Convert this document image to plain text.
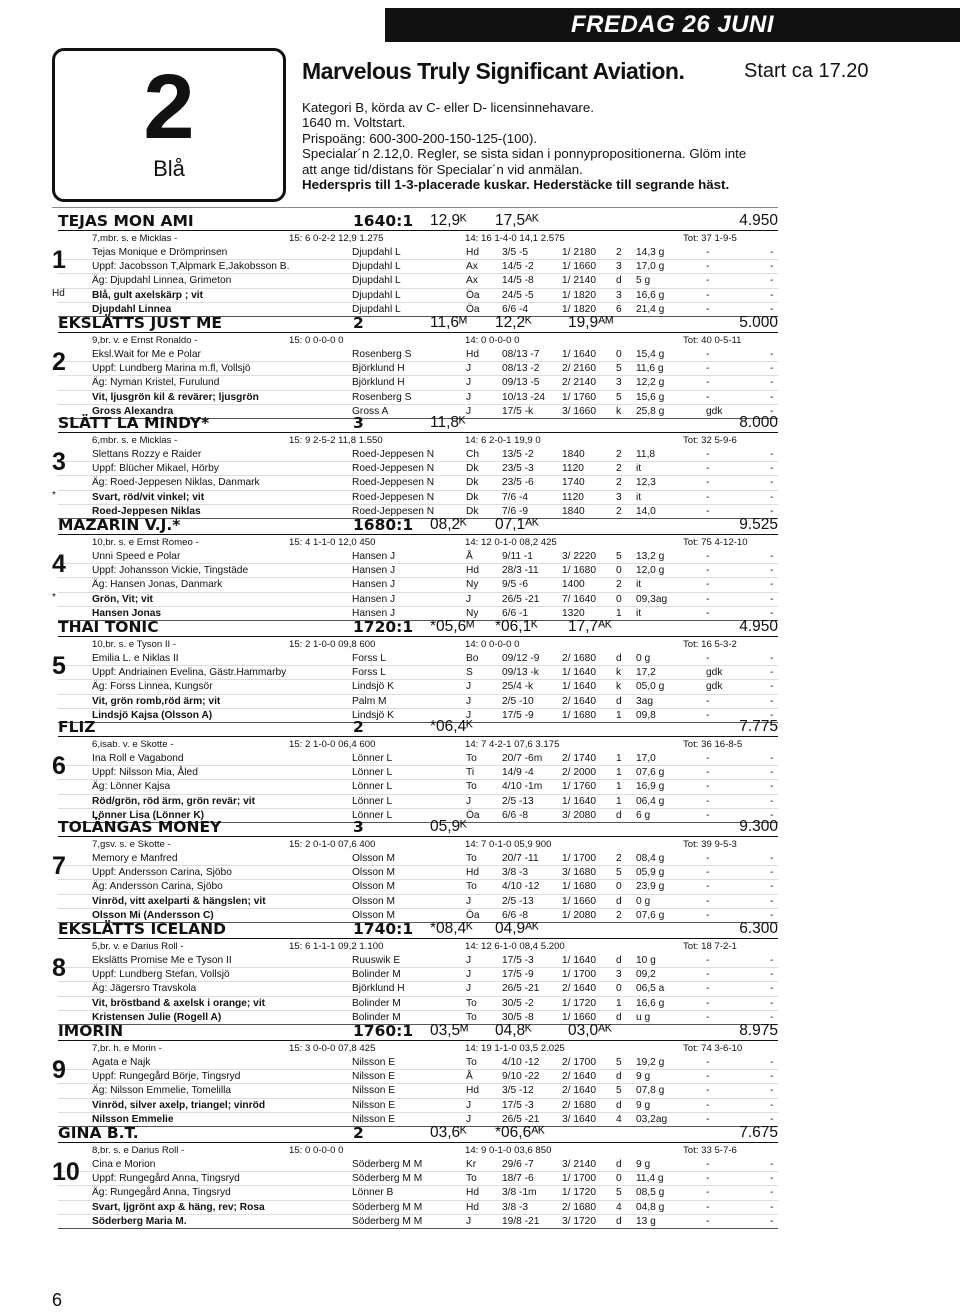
FREDAG 26 JUNI
2
Blå
Marvelous Truly Significant Aviation.	Start ca 17.20
Kategori B, körda av C- eller D- licensinnehavare.
1640 m. Voltstart.
Prispoäng: 600-300-200-150-125-(100).
Specialar´n 2.12,0. Regler, se sista sidan i ponnypropositionerna. Glöm inte
att ange tid/distans för Specialar´n vid anmälan.
Hederspris till 1-3-placerade kuskar. Hederstäcke till segrande häst.
TEJAS MON AMI	1640:1 12,9ᴷ 17,5ᴬᴷ	4.950
7,mbr. s. e Micklas -	15: 6 0-2-2 12,9 1.275	14: 16 1-4-0 14,1 2.575	Tot: 37 1-9-5
Tejas Monique e Drömprinsen	Djupdahl L	Hd 3/5 -5	1/ 2180 2 14,3 g	-	-
Uppf: Jacobsson T,Alpmark E,Jakobsson B.	Djupdahl L	Ax 14/5 -2	1/ 1660 3 17,0 g	-	-
Äg: Djupdahl Linnea, Grimeton	Djupdahl L	Ax 14/5 -8	1/ 2140 d 5 g	-	-
Blå, gult axelskärp ; vit	Djupdahl L	Öa 24/5 -5	1/ 1820 3 16,6 g	-	-
Djupdahl Linnea	Djupdahl L	Öa 6/6 -4	1/ 1820 6 21,4 g	-	-
1
Hd
EKSLÄTTS JUST ME	2	11,6ᴹ 12,2ᴷ 19,9ᴬᴹ	5.000
9,br. v. e Ernst Ronaldo -	15: 0 0-0-0 0	14: 0 0-0-0 0	Tot: 40 0-5-11
Eksl.Wait for Me e Polar	Rosenberg S	Hd 08/13 -7 1/ 1640 0 15,4 g	-	-
Uppf: Lundberg Marina m.fl, Vollsjö	Björklund H	J	08/13 -2 2/ 2160 5 11,6 g	-	-
Äg: Nyman Kristel, Furulund	Björklund H	J	09/13 -5 2/ 2140 3 12,2 g	-	-
Vit, ljusgrön kil & revärer; ljusgrön	Rosenberg S	J	10/13 -24 1/ 1760 5 15,6 g	-	-
Gross Alexandra	Gross A	J	17/5 -k	3/ 1660 k 25,8 g	gdk	-
2
SLÄTT LA MINDY*	3	11,8ᴷ	8.000
6,mbr. s. e Micklas -	15: 9 2-5-2 11,8 1.550	14: 6 2-0-1 19,9 0	Tot: 32 5-9-6
Slettans Rozzy e Raider	Roed-Jeppesen N	Ch 13/5 -2	1840	2 11,8	-	-
Uppf: Blücher Mikael, Hörby	Roed-Jeppesen N	Dk 23/5 -3	1120	2 it	-	-
Äg: Roed-Jeppesen Niklas, Danmark	Roed-Jeppesen N	Dk 23/5 -6	1740	2 12,3	-	-
Svart, röd/vit vinkel; vit	Roed-Jeppesen N	Dk 7/6 -4	1120	3 it	-	-
Roed-Jeppesen Niklas	Roed-Jeppesen N	Dk 7/6 -9	1840	2 14,0	-	-
3
*
MAZARIN V.J.*	1680:1 08,2ᴷ 07,1ᴬᴷ	9.525
10,br. s. e Ernst Romeo -	15: 4 1-1-0 12,0 450	14: 12 0-1-0 08,2 425	Tot: 75 4-12-10
Unni Speed e Polar	Hansen J	Å	9/11 -1	3/ 2220 5 13,2 g	-	-
Uppf: Johansson Vickie, Tingstäde	Hansen J	Hd 28/3 -11 1/ 1680 0 12,0 g	-	-
Äg: Hansen Jonas, Danmark	Hansen J	Ny 9/5 -6	1400	2 it	-	-
Grön, Vit; vit	Hansen J	J	26/5 -21 7/ 1640 0 09,3ag	-	-
Hansen Jonas	Hansen J	Ny 6/6 -1	1320	1 it	-	-
4
*
THAI TONIC	1720:1 *05,6ᴹ *06,1ᴷ 17,7ᴬᴷ	4.950
10,br. s. e Tyson II -	15: 2 1-0-0 09,8 600	14: 0 0-0-0 0	Tot: 16 5-3-2
Emilia L. e Niklas II	Forss L	Bo 09/12 -9 2/ 1680 d 0 g	-	-
Uppf: Andriainen Evelina, Gästr.Hammarby	Forss L	S	09/13 -k 1/ 1640 k 17,2	gdk	-
Äg: Forss Linnea, Kungsör	Lindsjö K	J	25/4 -k	1/ 1640 k 05,0 g	gdk	-
Vit, grön romb,röd ärm; vit	Palm M	J	2/5 -10	2/ 1640 d 3ag	-	-
Lindsjö Kajsa (Olsson A)	Lindsjö K	J	17/5 -9	1/ 1680 1 09,8	-	-
5
FLIZ	2	*06,4ᴷ	7.775
6,isab. v. e Skotte -	15: 2 1-0-0 06,4 600	14: 7 4-2-1 07,6 3.175	Tot: 36 16-8-5
Ina Roll e Vagabond	Lönner L	To 20/7 -6m 2/ 1740 1 17,0	-	-
Uppf: Nilsson Mia, Åled	Lönner L	Ti	14/9 -4	2/ 2000 1 07,6 g	-	-
Äg: Lönner Kajsa	Lönner L	To 4/10 -1m 1/ 1760 1 16,9 g	-	-
Röd/grön, röd ärm, grön revär; vit	Lönner L	J	2/5 -13	1/ 1640 1 06,4 g	-	-
Lönner Lisa (Lönner K)	Lönner L	Öa 6/6 -8	3/ 2080 d 6 g	-	-
6
TOLÄNGAS MONEY	3	05,9ᴷ	9.300
7,gsv. s. e Skotte -	15: 2 0-1-0 07,6 400	14: 7 0-1-0 05,9 900	Tot: 39 9-5-3
Memory e Manfred	Olsson M	To 20/7 -11 1/ 1700 2 08,4 g	-	-
Uppf: Andersson Carina, Sjöbo	Olsson M	Hd 3/8 -3	3/ 1680 5 05,9 g	-	-
Äg: Andersson Carina, Sjöbo	Olsson M	To 4/10 -12 1/ 1680 0 23,9 g	-	-
Vinröd, vitt axelparti & hängslen; vit	Olsson M	J	2/5 -13	1/ 1660 d 0 g	-	-
Olsson Mi (Andersson C)	Olsson M	Öa 6/6 -8	1/ 2080 2 07,6 g	-	-
7
EKSLÄTTS ICELAND	1740:1 *08,4ᴷ 04,9ᴬᴷ	6.300
5,br. v. e Darius Roll -	15: 6 1-1-1 09,2 1.100	14: 12 6-1-0 08,4 5.200	Tot: 18 7-2-1
Ekslätts Promise Me e Tyson II	Ruuswik E	J	17/5 -3	1/ 1640 d 10 g	-	-
Uppf: Lundberg Stefan, Vollsjö	Bolinder M	J	17/5 -9	1/ 1700 3 09,2	-	-
Äg: Jägersro Travskola	Björklund H	J	26/5 -21 2/ 1640 0 06,5 a	-	-
Vit, bröstband & axelsk i orange; vit	Bolinder M	To 30/5 -2	1/ 1720 1 16,6 g	-	-
Kristensen Julie (Rogell A)	Bolinder M	To 30/5 -8	1/ 1660 d u g	-	-
8
IMORIN	1760:1 03,5ᴹ 04,8ᴷ 03,0ᴬᴷ	8.975
7,br. h. e Morin -	15: 3 0-0-0 07,8 425	14: 19 1-1-0 03,5 2.025	Tot: 74 3-6-10
Agata e Najk	Nilsson E	To 4/10 -12 2/ 1700 5 19,2 g	-	-
Uppf: Rungegård Börje, Tingsryd	Nilsson E	Å	9/10 -22 2/ 1640 d 9 g	-	-
Äg: Nilsson Emmelie, Tomelilla	Nilsson E	Hd 3/5 -12	2/ 1640 5 07,8 g	-	-
Vinröd, silver axelp, triangel; vinröd	Nilsson E	J	17/5 -3	2/ 1680 d 9 g	-	-
Nilsson Emmelie	Nilsson E	J	26/5 -21 3/ 1640 4 03,2ag	-	-
9
GINA B.T.	2	03,6ᴷ *06,6ᴬᴷ	7.675
8,br. s. e Darius Roll -	15: 0 0-0-0 0	14: 9 0-1-0 03,6 850	Tot: 33 5-7-6
Cina e Morion	Söderberg M M	Kr	29/6 -7	3/ 2140 d 9 g	-	-
Uppf: Rungegård Anna, Tingsryd	Söderberg M M	To 18/7 -6	1/ 1700 0 11,4 g	-	-
Äg: Rungegård Anna, Tingsryd	Lönner B	Hd 3/8 -1m 1/ 1720 5 08,5 g	-	-
Svart, ljgrönt axp & häng, rev; Rosa	Söderberg M M	Hd 3/8 -3	2/ 1680 4 04,8 g	-	-
Söderberg Maria M.	Söderberg M M	J	19/8 -21 3/ 1720 d 13 g	-	-
10
6
